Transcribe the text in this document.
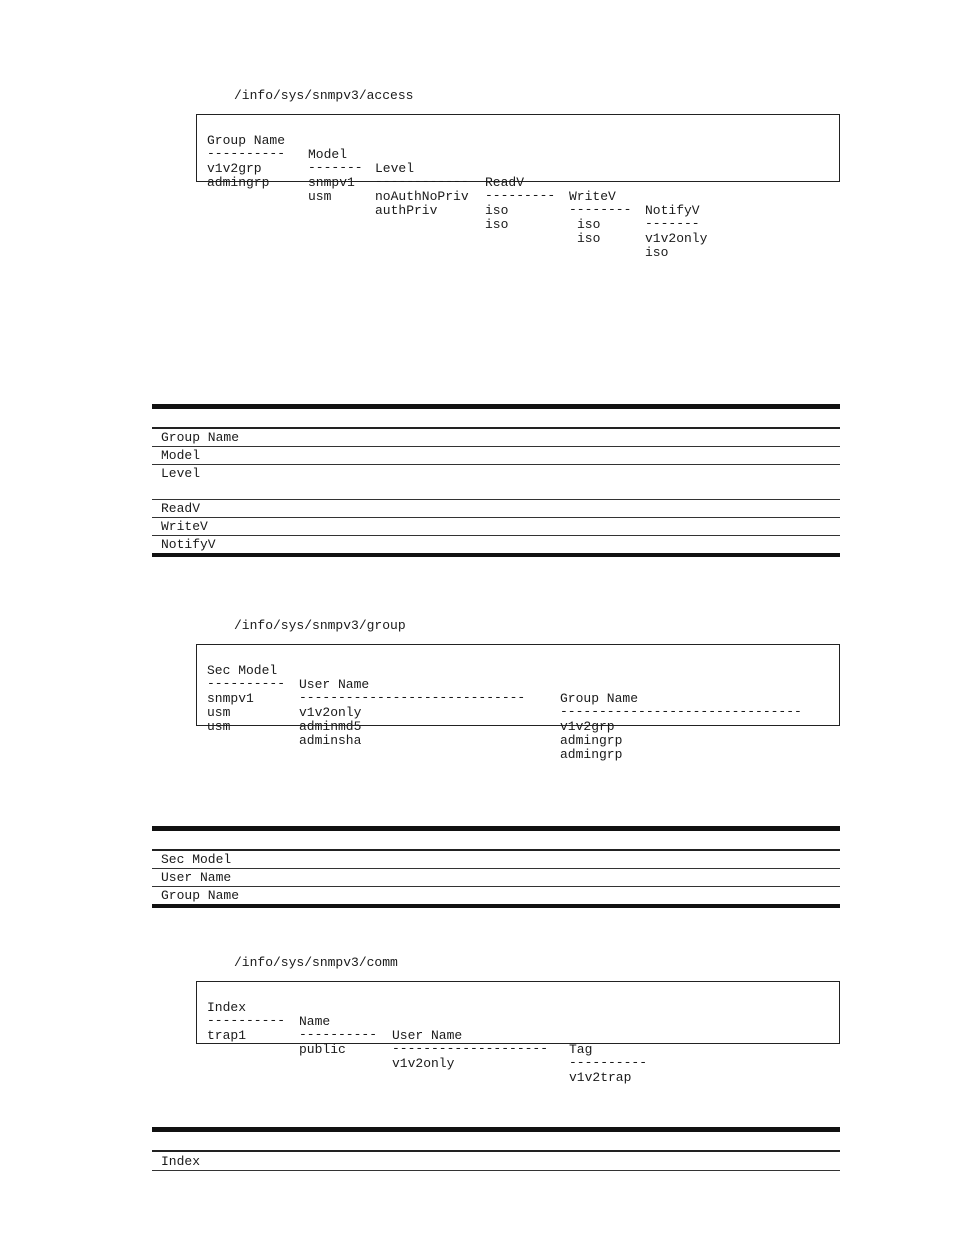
/info/sys/snmpv3/access

Group Name

Model

Level

ReadV

WriteV

NotifyV

----------

-------

------------

---------

--------

-------

v1v2grp

snmpv1

noAuthNoPriv

iso

iso

v1v2only

admingrp

usm

authPriv

iso

iso

iso

Group Name
Model
Level
ReadV
WriteV
NotifyV
/info/sys/snmpv3/group

Sec Model

User Name

Group Name

----------

-----------------------------

-------------------------------

snmpv1

v1v2only

v1v2grp

usm

adminmd5

admingrp

usm

adminsha

admingrp

Sec Model
User Name
Group Name
/info/sys/snmpv3/comm

Index

Name

User Name

Tag

----------

----------

--------------------

----------

trap1

public

v1v2only

v1v2trap

Index
